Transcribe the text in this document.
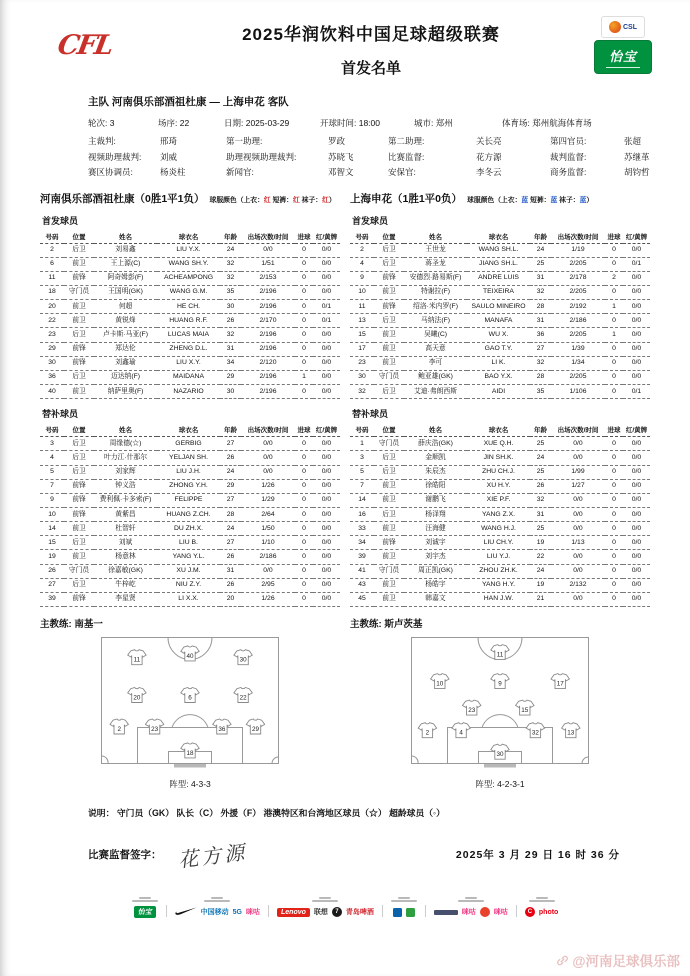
CFL	2025华润饮料中国足球超级联赛
首发名单
CSL
怡宝
主队 河南俱乐部酒祖杜康 — 上海申花 客队
轮次: 3	场序: 22	日期: 2025-03-29	开球时间: 18:00	城市: 郑州	体育场: 郑州航海体育场
主裁判:	邢琦	第一助理:	罗政	第二助理:	关长亮	第四官员:	张超
视频助理裁判:	刘威	助理视频助理裁判:	苏晓飞	比赛监督:	花方源	裁判监督:	苏继革
赛区协调员:	杨炎柱	新闻官:	邓智文	安保官:	李冬云	商务监督:	胡钧哲
河南俱乐部酒祖杜康（0胜1平1负） 球服颜色（上衣：红 短裤：红 袜子：红）
首发球员
号码	位置	姓名	球衣名	年龄	出场次数/时间	进球	红/黄牌
2	后卫	刘易鑫	LIU Y.X.	24	0/0	0	0/0
6	前卫	王上源(C)	WANG SH.Y.	32	1/51	0	0/0
11	前锋	阿奇姆彭(F)	ACHEAMPONG	32	2/153	0	0/0
18	守门员	王国明(GK)	WANG G.M.	35	2/196	0	0/0
20	前卫	何超	HE CH.	30	2/196	0	0/1
22	前卫	黄锐烽	HUANG R.F.	26	2/170	0	0/1
23	后卫	卢卡斯·马亚(F)	LUCAS MAIA	32	2/196	0	0/0
29	前锋	郑达伦	ZHENG D.L.	31	2/196	0	0/0
30	前锋	刘鑫瑜	LIU X.Y.	34	2/120	0	0/0
36	后卫	迈达纳(F)	MAIDANA	29	2/196	1	0/0
40	前卫	纳萨里奥(F)	NAZARIO	30	2/196	0	0/0
替补球员
号码	位置	姓名	球衣名	年龄	出场次数/时间	进球	红/黄牌
3	后卫	周缘德(☆)	GERBIG	27	0/0	0	0/0
4	后卫	叶力江·什那尔	YELJAN SH.	26	0/0	0	0/0
5	后卫	刘家辉	LIU J.H.	24	0/0	0	0/0
7	前锋	钟义浩	ZHONG Y.H.	29	1/26	0	0/0
9	前锋	费利佩·卡多索(F)	FELIPPE	27	1/29	0	0/0
10	前锋	黄紫昌	HUANG Z.CH.	28	2/64	0	0/0
14	前卫	杜智轩	DU ZH.X.	24	1/50	0	0/0
15	后卫	刘斌	LIU B.	27	1/10	0	0/0
19	前卫	杨意林	YANG Y.L.	26	2/186	0	0/0
26	守门员	徐嘉敏(GK)	XU J.M.	31	0/0	0	0/0
27	后卫	牛梓屹	NIU Z.Y.	26	2/95	0	0/0
39	前锋	李星贤	LI X.X.	20	1/26	0	0/0
主教练: 南基一
11
40
30
20	6	22
2	23	36	29
18
阵型: 4-3-3
上海申花（1胜1平0负） 球服颜色（上衣：蓝 短裤：蓝 袜子：蓝）
首发球员
号码	位置	姓名	球衣名	年龄	出场次数/时间	进球	红/黄牌
2	后卫	王世龙	WANG SH.L.	24	1/19	0	0/0
4	后卫	蒋圣龙	JIANG SH.L.	25	2/205	0	0/1
9	前锋	安德烈·路易斯(F)	ANDRE LUIS	31	2/178	2	0/0
10	前卫	特谢拉(F)	TEIXEIRA	32	2/205	0	0/0
11	前锋	绍洛·米内罗(F)	SAULO MINEIRO	28	2/192	1	0/0
13	后卫	马纳法(F)	MANAFA	31	2/186	0	0/0
15	前卫	吴曦(C)	WU X.	36	2/205	1	0/0
17	前卫	高天意	GAO T.Y.	27	1/39	0	0/0
23	前卫	李可	LI K.	32	1/34	0	0/0
30	守门员	鲍亚雄(GK)	BAO Y.X.	28	2/205	0	0/0
32	后卫	艾迪·弗朗西斯	AIDI	35	1/106	0	0/1
替补球员
号码	位置	姓名	球衣名	年龄	出场次数/时间	进球	红/黄牌
1	守门员	薛庆浩(GK)	XUE Q.H.	25	0/0	0	0/0
3	后卫	金顺凯	JIN SH.K.	24	0/0	0	0/0
5	后卫	朱辰杰	ZHU CH.J.	25	1/99	0	0/0
7	前卫	徐皓阳	XU H.Y.	26	1/27	0	0/0
14	前卫	谢鹏飞	XIE P.F.	32	0/0	0	0/0
16	后卫	杨泽翔	YANG Z.X.	31	0/0	0	0/0
33	前卫	汪海健	WANG H.J.	25	0/0	0	0/0
34	前锋	刘诚宇	LIU CH.Y.	19	1/13	0	0/0
39	前卫	刘宇杰	LIU Y.J.	22	0/0	0	0/0
41	守门员	周正凯(GK)	ZHOU ZH.K.	24	0/0	0	0/0
43	前卫	杨皓宇	YANG H.Y.	19	2/132	0	0/0
45	前卫	韩嘉文	HAN J.W.	21	0/0	0	0/0
主教练: 斯卢茨基
11
10	9	17
23	15
2	4	32	13
30
阵型: 4-2-3-1
说明： 守门员（GK） 队长（C） 外援（F） 港澳特区和台湾地区球员（☆） 超龄球员（◦）
比赛监督签字： 花方源	2025年 3 月 29 日 16 时 36 分
怡宝	中国移动 5G 咪咕	Lenovo	联想	7	青岛啤酒	咪咕	咪咕	C photo
@河南足球俱乐部
